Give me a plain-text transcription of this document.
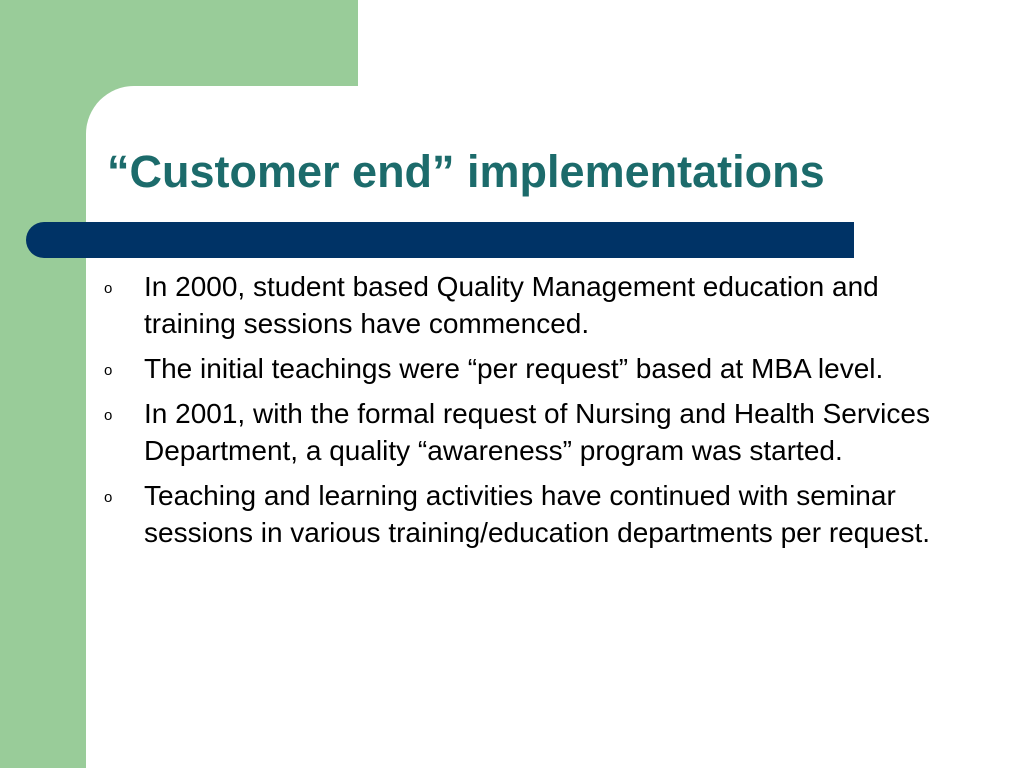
“Customer end” implementations
o In 2000, student based Quality Management education and training sessions have commenced.
o The initial teachings were “per request” based at MBA level.
o In 2001, with the formal request of Nursing and Health Services Department, a quality “awareness” program was started.
o Teaching and learning activities have continued with seminar sessions in various training/education departments per request.
